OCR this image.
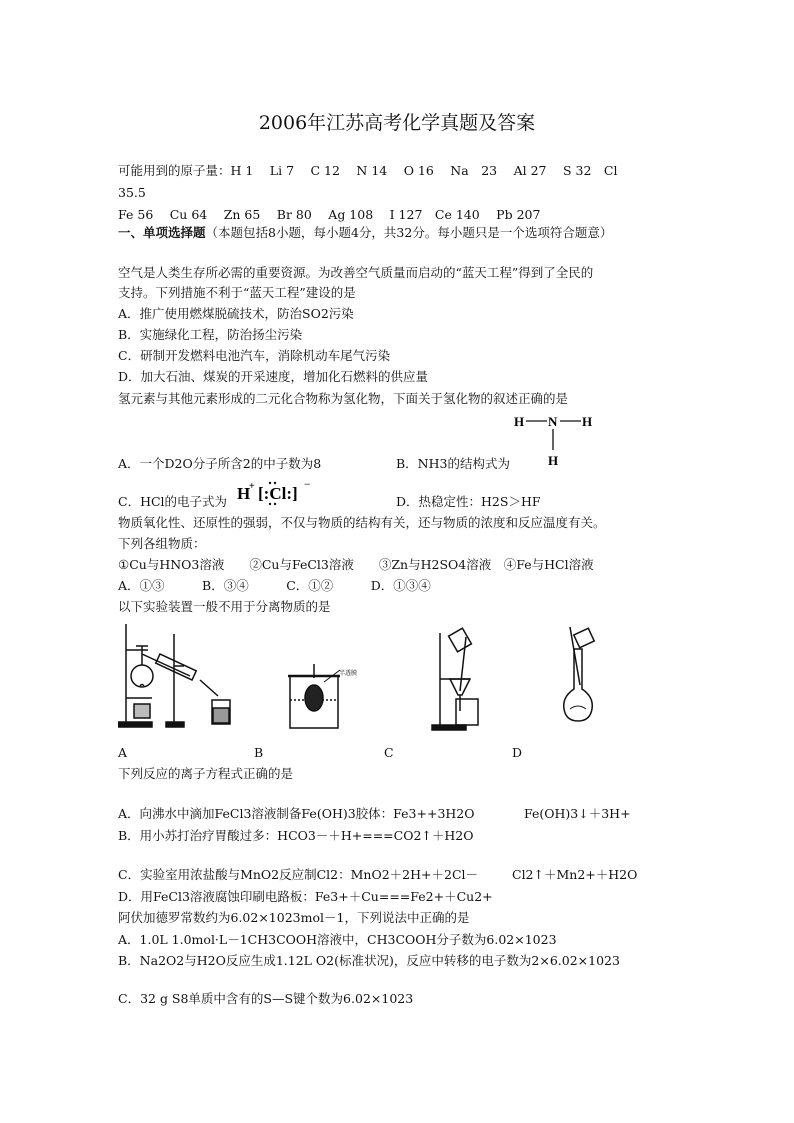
2006年江苏高考化学真题及答案
可能用到的原子量：H 1　 Li 7　 C 12　 N 14　 O 16　 Na　23　 Al 27　 S 32　Cl
35.5
Fe 56　 Cu 64　 Zn 65　 Br 80　 Ag 108　 I 127　Ce 140　 Pb 207
一、单项选择题（本题包括8小题，每小题4分，共32分。每小题只是一个选项符合题意）
空气是人类生存所必需的重要资源。为改善空气质量而启动的“蓝天工程”得到了全民的
支持。下列措施不利于“蓝天工程”建设的是
A．推广使用燃煤脱硫技术，防治SO2污染
B．实施绿化工程，防治扬尘污染
C．研制开发燃料电池汽车，消除机动车尾气污染
D．加大石油、煤炭的开采速度，增加化石燃料的供应量
氢元素与其他元素形成的二元化合物称为氢化物，下面关于氢化物的叙述正确的是
H N H
H
A．一个D2O分子所含2的中子数为8	B．NH3的结构式为
C．HCl的电子式为 H
+ [:Cl:] −
D．热稳定性：H2S＞HF
物质氧化性、还原性的强弱，不仅与物质的结构有关，还与物质的浓度和反应温度有关。
下列各组物质：
①Cu与HNO3溶液　　②Cu与FeCl3溶液　　③Zn与H2SO4溶液　④Fe与HCl溶液
A．①③　　　B．③④　　　C．①②　　　D．①③④
以下实验装置一般不用于分离物质的是
半透膜
A	B	C	D
下列反应的离子方程式正确的是
A．向沸水中滴加FeCl3溶液制备Fe(OH)3胶体：Fe3++3H2O	Fe(OH)3↓＋3H+
B．用小苏打治疗胃酸过多：HCO3－＋H+===CO2↑＋H2O
C．实验室用浓盐酸与MnO2反应制Cl2：MnO2＋2H+＋2Cl－	Cl2↑＋Mn2+＋H2O
D．用FeCl3溶液腐蚀印刷电路板：Fe3+＋Cu===Fe2+＋Cu2+
阿伏加德罗常数约为6.02×1023mol－1，下列说法中正确的是
A．1.0L 1.0mol·L－1CH3COOH溶液中，CH3COOH分子数为6.02×1023
B．Na2O2与H2O反应生成1.12L O2(标准状况)，反应中转移的电子数为2×6.02×1023
C．32 g S8单质中含有的S—S键个数为6.02×1023
